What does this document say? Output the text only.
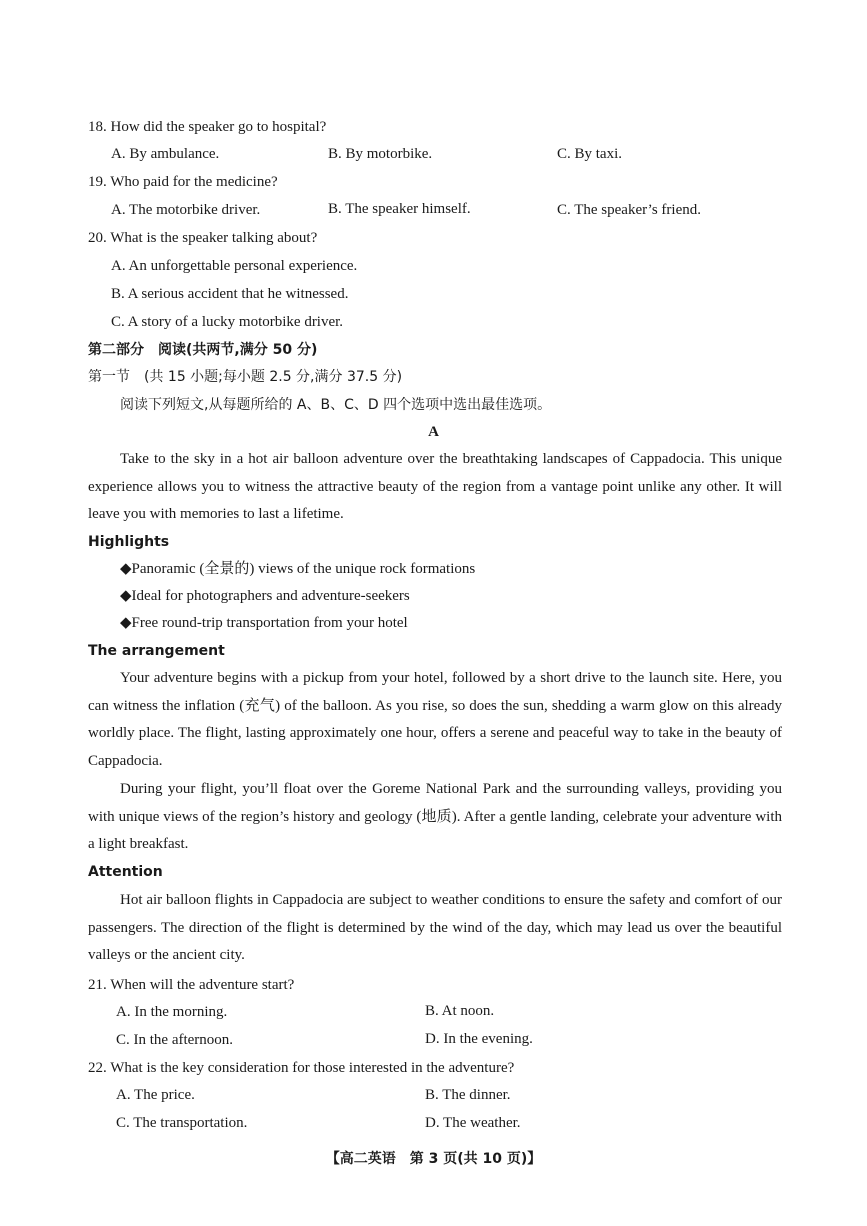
18. How did the speaker go to hospital?
A. By ambulance.	B. By motorbike.	C. By taxi.
19. Who paid for the medicine?
A. The motorbike driver.	B. The speaker himself.	C. The speaker’s friend.
20. What is the speaker talking about?
A. An unforgettable personal experience.
B. A serious accident that he witnessed.
C. A story of a lucky motorbike driver.
第二部分　阅读(共两节,满分 50 分)
第一节　(共 15 小题;每小题 2.5 分,满分 37.5 分)
阅读下列短文,从每题所给的 A、B、C、D 四个选项中选出最佳选项。
A

Take to the sky in a hot air balloon adventure over the breathtaking landscapes of Cappadocia. This unique experience allows you to witness the attractive beauty of the region from a vantage point unlike any other. It will leave you with memories to last a lifetime.

Highlights
◆Panoramic (全景的) views of the unique rock formations
◆Ideal for photographers and adventure-seekers
◆Free round-trip transportation from your hotel
The arrangement

Your adventure begins with a pickup from your hotel, followed by a short drive to the launch site. Here, you can witness the inflation (充气) of the balloon. As you rise, so does the sun, shedding a warm glow on this already worldly place. The flight, lasting approximately one hour, offers a serene and peaceful way to take in the beauty of Cappadocia.

During your flight, you’ll float over the Goreme National Park and the surrounding valleys, providing you with unique views of the region’s history and geology (地质). After a gentle landing, celebrate your adventure with a light breakfast.

Attention

Hot air balloon flights in Cappadocia are subject to weather conditions to ensure the safety and comfort of our passengers. The direction of the flight is determined by the wind of the day, which may lead us over the beautiful valleys or the ancient city.

21. When will the adventure start?
A. In the morning.	B. At noon.
C. In the afternoon.	D. In the evening.
22. What is the key consideration for those interested in the adventure?
A. The price.	B. The dinner.
C. The transportation.	D. The weather.
【高二英语　第 3 页(共 10 页)】
